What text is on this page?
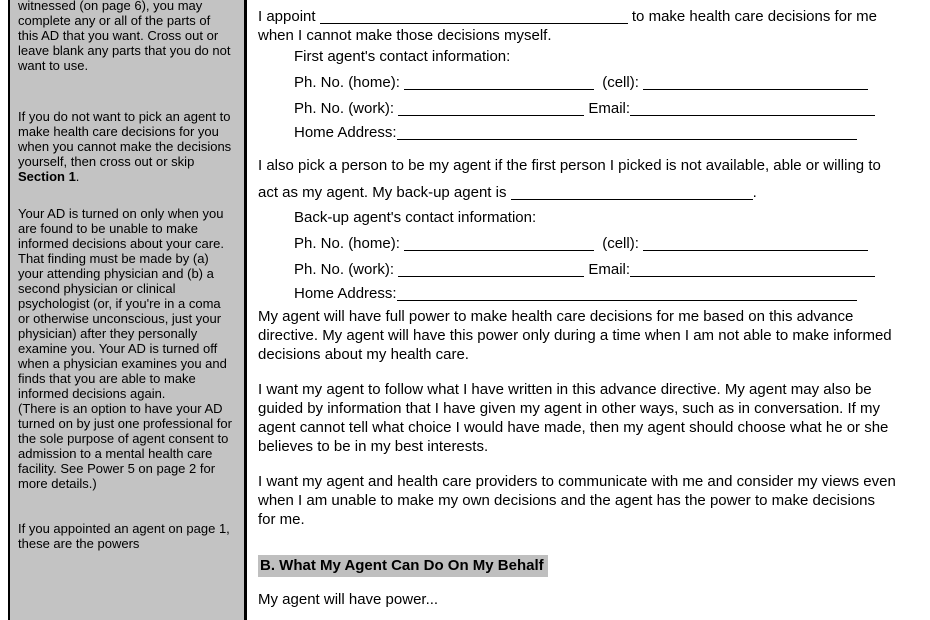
witnessed (on page 6), you may complete any or all of the parts of this AD that you want. Cross out or leave blank any parts that you do not want to use.

If you do not want to pick an agent to make health care decisions for you when you cannot make the decisions yourself, then cross out or skip Section 1.

Your AD is turned on only when you are found to be unable to make informed decisions about your care. That finding must be made by (a) your attending physician and (b) a second physician or clinical psychologist (or, if you're in a coma or otherwise unconscious, just your physician) after they personally examine you. Your AD is turned off when a physician examines you and finds that you are able to make informed decisions again.

(There is an option to have your AD turned on by just one professional for the sole purpose of agent consent to admission to a mental health care facility. See Power 5 on page 2 for more details.)

If you appointed an agent on page 1, these are the powers

I appoint	to make health care decisions for me when I cannot make those decisions myself.

First agent's contact information:

Ph. No. (home):	(cell):
Ph. No. (work):	Email:
Home Address:

I also pick a person to be my agent if the first person I picked is not available, able or willing to act as my agent. My back-up agent is	.

Back-up agent's contact information:

Ph. No. (home):	(cell):
Ph. No. (work):	Email:
Home Address:

My agent will have full power to make health care decisions for me based on this advance directive. My agent will have this power only during a time when I am not able to make informed decisions about my health care.

I want my agent to follow what I have written in this advance directive. My agent may also be guided by information that I have given my agent in other ways, such as in conversation. If my agent cannot tell what choice I would have made, then my agent should choose what he or she believes to be in my best interests.

I want my agent and health care providers to communicate with me and consider my views even when I am unable to make my own decisions and the agent has the power to make decisions for me.

B. What My Agent Can Do On My Behalf

My agent will have power...
